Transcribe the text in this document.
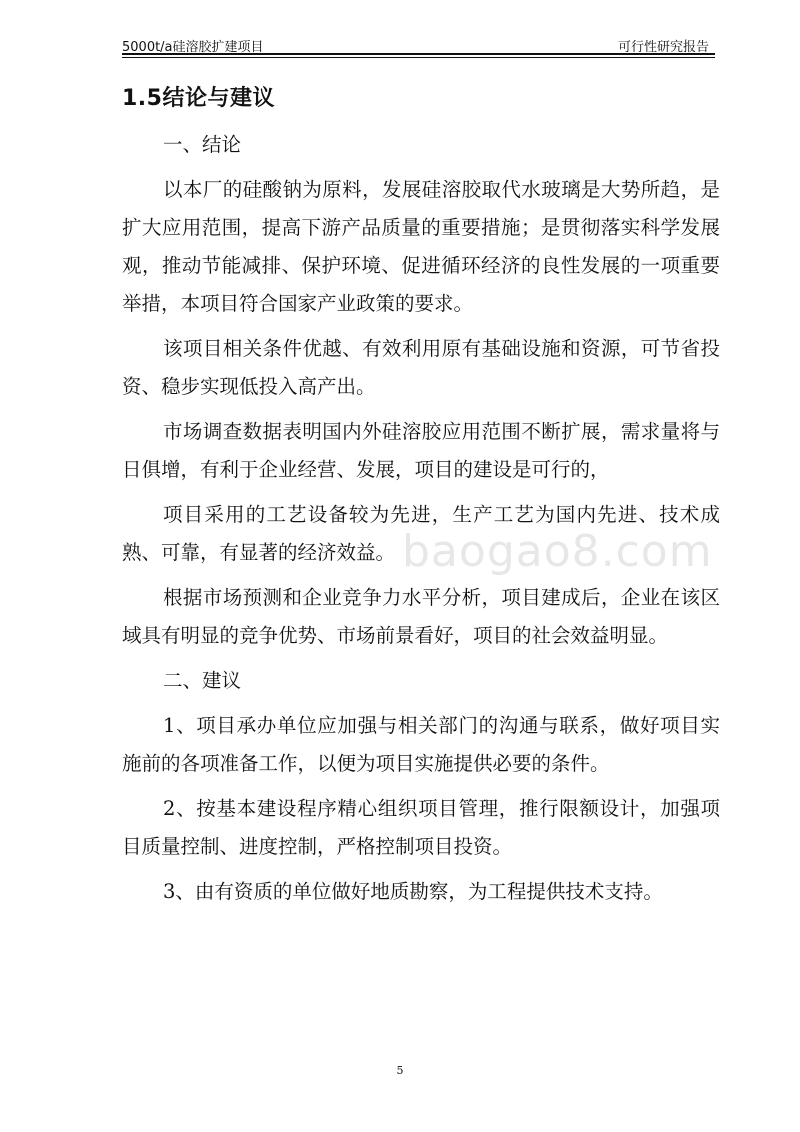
5000t/a硅溶胶扩建项目	可行性研究报告
1.5结论与建议

一、结论

以本厂的硅酸钠为原料，发展硅溶胶取代水玻璃是大势所趋，是扩大应用范围，提高下游产品质量的重要措施；是贯彻落实科学发展观，推动节能减排、保护环境、促进循环经济的良性发展的一项重要举措，本项目符合国家产业政策的要求。

该项目相关条件优越、有效利用原有基础设施和资源，可节省投资、稳步实现低投入高产出。

市场调查数据表明国内外硅溶胶应用范围不断扩展，需求量将与日俱增，有利于企业经营、发展，项目的建设是可行的，

项目采用的工艺设备较为先进，生产工艺为国内先进、技术成熟、可靠，有显著的经济效益。

根据市场预测和企业竞争力水平分析，项目建成后，企业在该区域具有明显的竞争优势、市场前景看好，项目的社会效益明显。

二、建议

1、项目承办单位应加强与相关部门的沟通与联系，做好项目实施前的各项准备工作，以便为项目实施提供必要的条件。

2、按基本建设程序精心组织项目管理，推行限额设计，加强项目质量控制、进度控制，严格控制项目投资。

3、由有资质的单位做好地质勘察，为工程提供技术支持。

baogao8.com
5
